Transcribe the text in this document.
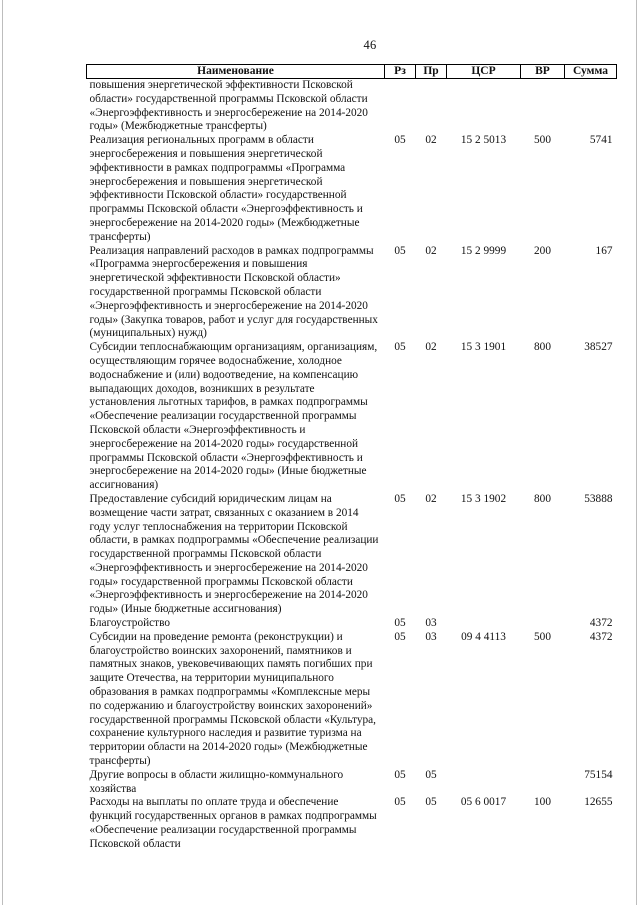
46
Наименование	Рз	Пр	ЦСР	ВР	Сумма
повышения энергетической эффективности Псковской области» государственной программы Псковской области «Энергоэффективность и энергосбережение на 2014-2020 годы» (Межбюджетные трансферты)					
Реализация региональных программ в области энергосбережения и повышения энергетической эффективности в рамках подпрограммы «Программа энергосбережения и повышения энергетической эффективности Псковской области» государственной программы Псковской области «Энергоэффективность и энергосбережение на 2014-2020 годы» (Межбюджетные трансферты)	05	02	15 2 5013	500	5741
Реализация направлений расходов в рамках подпрограммы «Программа энергосбережения и повышения энергетической эффективности Псковской области» государственной программы Псковской области «Энергоэффективность и энергосбережение на 2014-2020 годы» (Закупка товаров, работ и услуг для государственных (муниципальных) нужд)	05	02	15 2 9999	200	167
Субсидии теплоснабжающим организациям, организациям, осуществляющим горячее водоснабжение, холодное водоснабжение и (или) водоотведение, на компенсацию выпадающих доходов, возникших в результате установления льготных тарифов, в рамках подпрограммы «Обеспечение реализации государственной программы Псковской области «Энергоэффективность и энергосбережение на 2014-2020 годы» государственной программы Псковской области «Энергоэффективность и энергосбережение на 2014-2020 годы» (Иные бюджетные ассигнования)	05	02	15 3 1901	800	38527
Предоставление субсидий юридическим лицам на возмещение части затрат, связанных с оказанием в 2014 году услуг теплоснабжения на территории Псковской области, в рамках подпрограммы «Обеспечение реализации государственной программы Псковской области «Энергоэффективность и энергосбережение на 2014-2020 годы» государственной программы Псковской области «Энергоэффективность и энергосбережение на 2014-2020 годы» (Иные бюджетные ассигнования)	05	02	15 3 1902	800	53888
Благоустройство	05	03			4372
Субсидии на проведение ремонта (реконструкции) и благоустройство воинских захоронений, памятников и памятных знаков, увековечивающих память погибших при защите Отечества, на территории муниципального образования в рамках подпрограммы «Комплексные меры по содержанию и благоустройству воинских захоронений» государственной программы Псковской области «Культура, сохранение культурного наследия и развитие туризма на территории области на 2014-2020 годы» (Межбюджетные трансферты)	05	03	09 4 4113	500	4372
Другие вопросы в области жилищно-коммунального хозяйства	05	05			75154
Расходы на выплаты по оплате труда и обеспечение функций государственных органов в рамках подпрограммы «Обеспечение реализации государственной программы Псковской области	05	05	05 6 0017	100	12655
